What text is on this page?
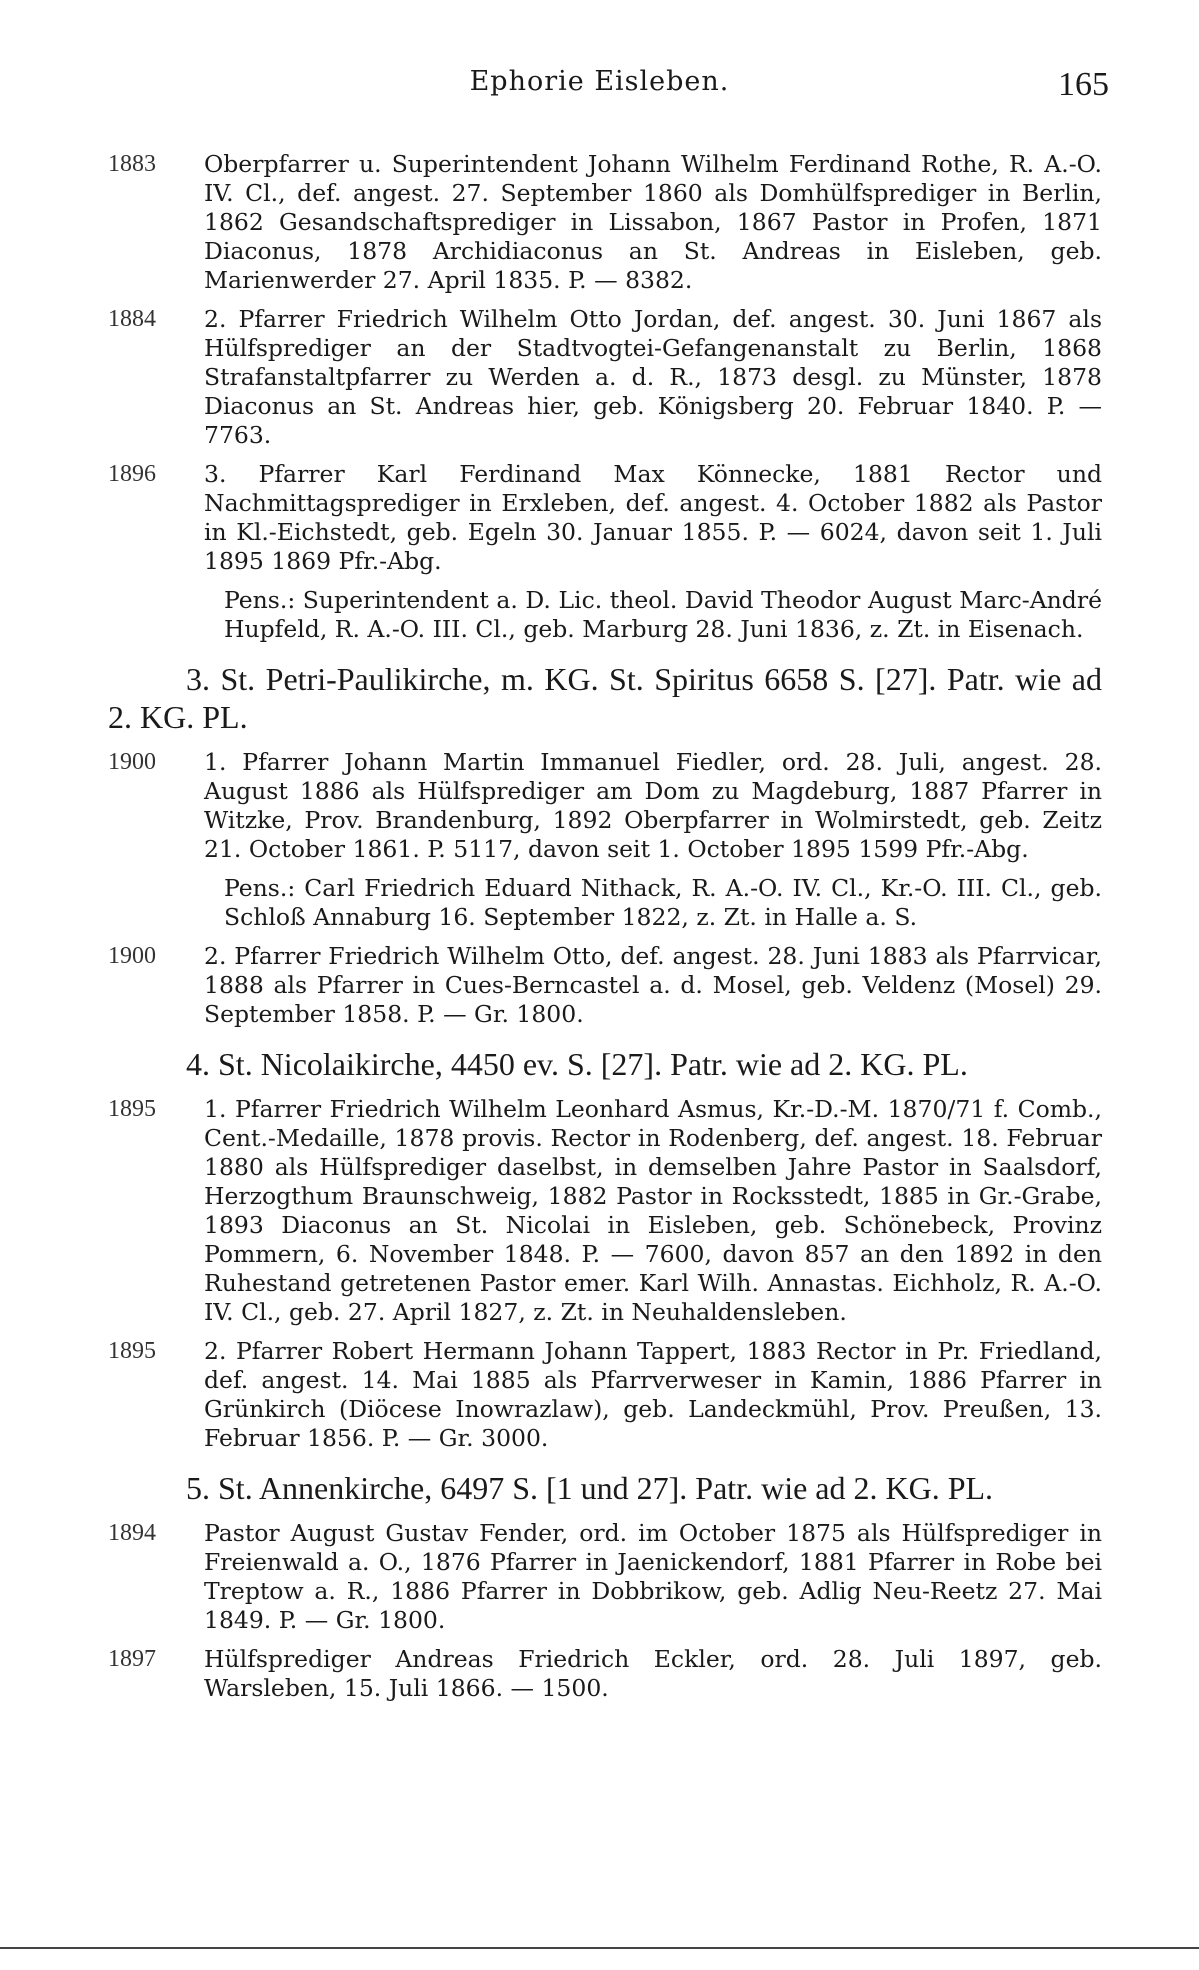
Ephorie Eisleben.	165
1883 Oberpfarrer u. Superintendent Johann Wilhelm Ferdinand Rothe, R. A.-O. IV. Cl., def. angest. 27. September 1860 als Domhülfsprediger in Berlin, 1862 Gesandschaftsprediger in Lissabon, 1867 Pastor in Profen, 1871 Diaconus, 1878 Archidiaconus an St. Andreas in Eisleben, geb. Marienwerder 27. April 1835. P. — 8382.
1884 2. Pfarrer Friedrich Wilhelm Otto Jordan, def. angest. 30. Juni 1867 als Hülfsprediger an der Stadtvogtei-Gefangenanstalt zu Berlin, 1868 Strafanstaltpfarrer zu Werden a. d. R., 1873 desgl. zu Münster, 1878 Diaconus an St. Andreas hier, geb. Königsberg 20. Februar 1840. P. — 7763.
1896 3. Pfarrer Karl Ferdinand Max Könnecke, 1881 Rector und Nachmittagsprediger in Erxleben, def. angest. 4. October 1882 als Pastor in Kl.-Eichstedt, geb. Egeln 30. Januar 1855. P. — 6024, davon seit 1. Juli 1895 1869 Pfr.-Abg.
Pens.: Superintendent a. D. Lic. theol. David Theodor August Marc-André Hupfeld, R. A.-O. III. Cl., geb. Marburg 28. Juni 1836, z. Zt. in Eisenach.
3. St. Petri-Paulikirche, m. KG. St. Spiritus 6658 S. [27]. Patr. wie ad 2. KG. PL.
1900 1. Pfarrer Johann Martin Immanuel Fiedler, ord. 28. Juli, angest. 28. August 1886 als Hülfsprediger am Dom zu Magdeburg, 1887 Pfarrer in Witzke, Prov. Brandenburg, 1892 Oberpfarrer in Wolmirstedt, geb. Zeitz 21. October 1861. P. 5117, davon seit 1. October 1895 1599 Pfr.-Abg.
Pens.: Carl Friedrich Eduard Nithack, R. A.-O. IV. Cl., Kr.-O. III. Cl., geb. Schloß Annaburg 16. September 1822, z. Zt. in Halle a. S.
1900 2. Pfarrer Friedrich Wilhelm Otto, def. angest. 28. Juni 1883 als Pfarrvicar, 1888 als Pfarrer in Cues-Berncastel a. d. Mosel, geb. Veldenz (Mosel) 29. September 1858. P. — Gr. 1800.
4. St. Nicolaikirche, 4450 ev. S. [27]. Patr. wie ad 2. KG. PL.
1895 1. Pfarrer Friedrich Wilhelm Leonhard Asmus, Kr.-D.-M. 1870/71 f. Comb., Cent.-Medaille, 1878 provis. Rector in Rodenberg, def. angest. 18. Februar 1880 als Hülfsprediger daselbst, in demselben Jahre Pastor in Saalsdorf, Herzogthum Braunschweig, 1882 Pastor in Rocksstedt, 1885 in Gr.-Grabe, 1893 Diaconus an St. Nicolai in Eisleben, geb. Schönebeck, Provinz Pommern, 6. November 1848. P. — 7600, davon 857 an den 1892 in den Ruhestand getretenen Pastor emer. Karl Wilh. Annastas. Eichholz, R. A.-O. IV. Cl., geb. 27. April 1827, z. Zt. in Neuhaldensleben.
1895 2. Pfarrer Robert Hermann Johann Tappert, 1883 Rector in Pr. Friedland, def. angest. 14. Mai 1885 als Pfarrverweser in Kamin, 1886 Pfarrer in Grünkirch (Diöcese Inowrazlaw), geb. Landeckmühl, Prov. Preußen, 13. Februar 1856. P. — Gr. 3000.
5. St. Annenkirche, 6497 S. [1 und 27]. Patr. wie ad 2. KG. PL.
1894 Pastor August Gustav Fender, ord. im October 1875 als Hülfsprediger in Freienwald a. O., 1876 Pfarrer in Jaenickendorf, 1881 Pfarrer in Robe bei Treptow a. R., 1886 Pfarrer in Dobbrikow, geb. Adlig Neu-Reetz 27. Mai 1849. P. — Gr. 1800.
1897 Hülfsprediger Andreas Friedrich Eckler, ord. 28. Juli 1897, geb. Warsleben, 15. Juli 1866. — 1500.
